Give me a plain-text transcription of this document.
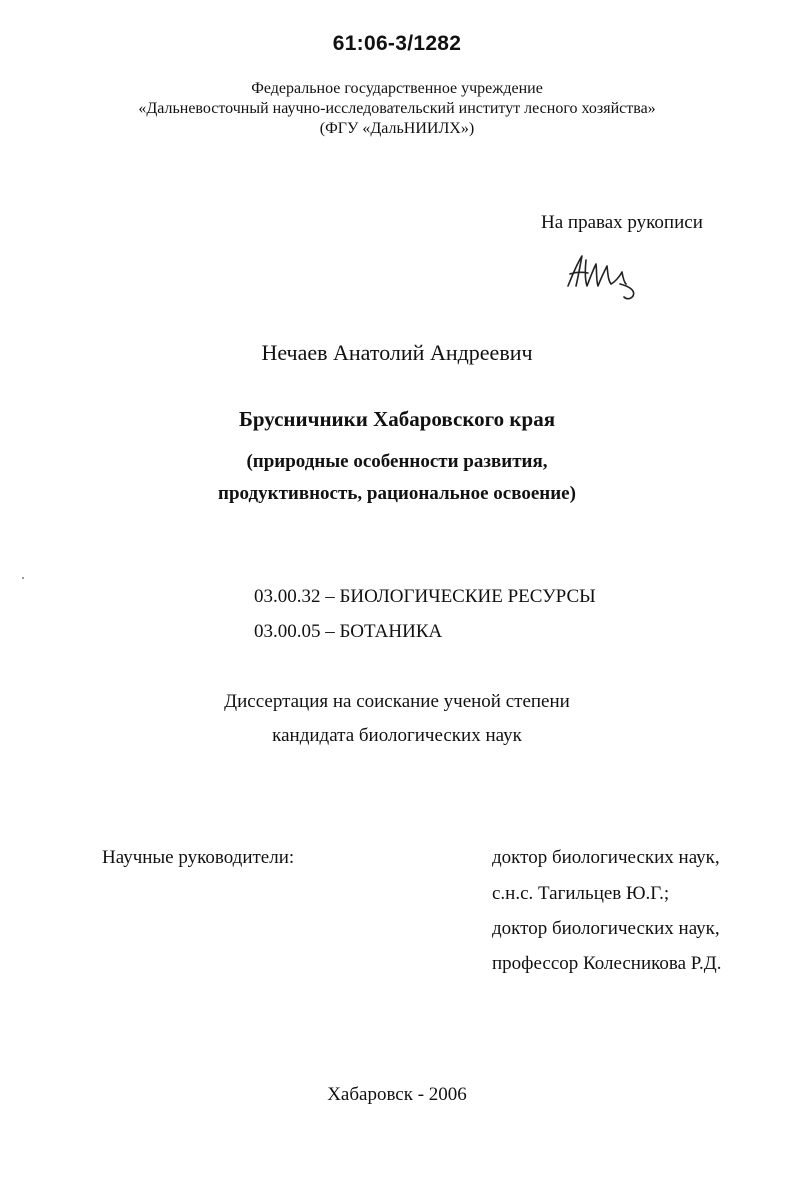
61:06-3/1282
Федеральное государственное учреждение
«Дальневосточный научно-исследовательский институт лесного хозяйства»
(ФГУ «ДальНИИЛХ»)
На правах рукописи
Нечаев Анатолий Андреевич
Брусничники Хабаровского края
(природные особенности развития,
продуктивность, рациональное освоение)
03.00.32 – БИОЛОГИЧЕСКИЕ РЕСУРСЫ
03.00.05 – БОТАНИКА
Диссертация на соискание ученой степени
кандидата биологических наук
Научные руководители:	доктор биологических наук,
с.н.с. Тагильцев Ю.Г.;
доктор биологических наук,
профессор Колесникова Р.Д.
Хабаровск - 2006
